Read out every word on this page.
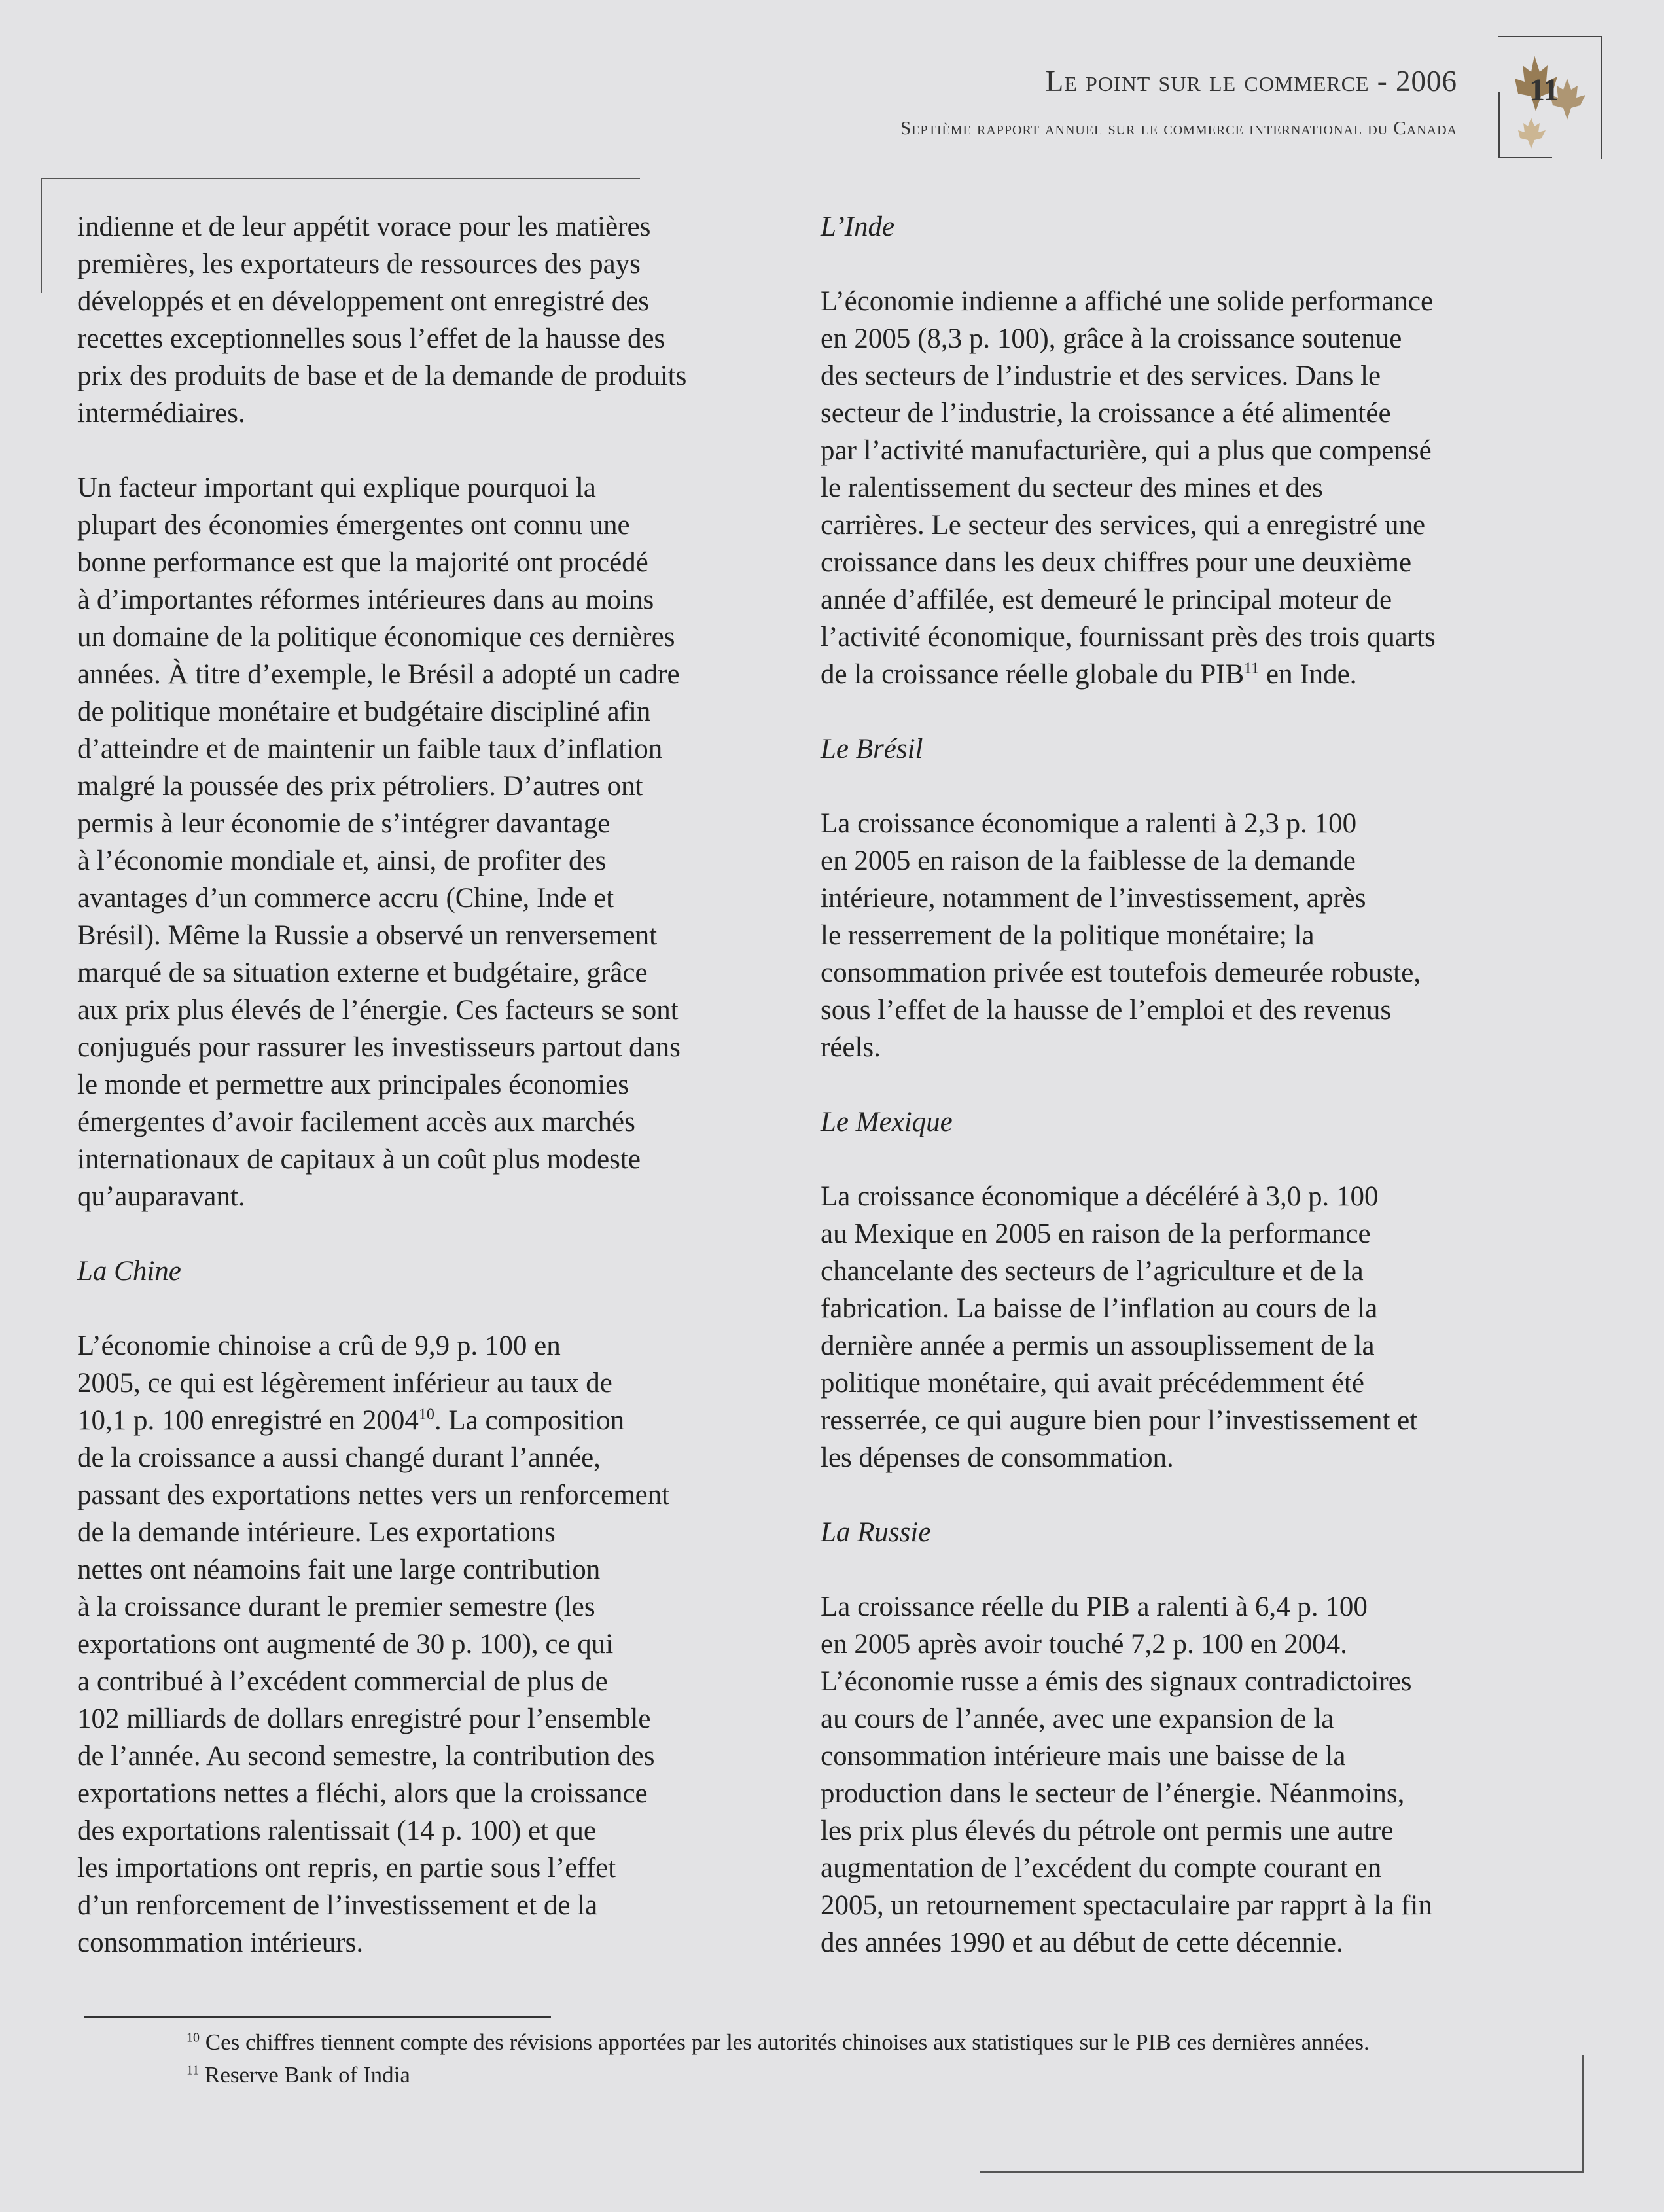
Le point sur le commerce - 2006
Septième rapport annuel sur le commerce international du Canada
11

indienne et de leur appétit vorace pour les matières
premières, les exportateurs de ressources des pays
développés et en développement ont enregistré des
recettes exceptionnelles sous l’effet de la hausse des
prix des produits de base et de la demande de produits
intermédiaires.

Un facteur important qui explique pourquoi la
plupart des économies émergentes ont connu une
bonne performance est que la majorité ont procédé
à d’importantes réformes intérieures dans au moins
un domaine de la politique économique ces dernières
années. À titre d’exemple, le Brésil a adopté un cadre
de politique monétaire et budgétaire discipliné afin
d’atteindre et de maintenir un faible taux d’inflation
malgré la poussée des prix pétroliers. D’autres ont
permis à leur économie de s’intégrer davantage
à l’économie mondiale et, ainsi, de profiter des
avantages d’un commerce accru (Chine, Inde et
Brésil). Même la Russie a observé un renversement
marqué de sa situation externe et budgétaire, grâce
aux prix plus élevés de l’énergie. Ces facteurs se sont
conjugués pour rassurer les investisseurs partout dans
le monde et permettre aux principales économies
émergentes d’avoir facilement accès aux marchés
internationaux de capitaux à un coût plus modeste
qu’auparavant.

La Chine

L’économie chinoise a crû de 9,9 p. 100 en
2005, ce qui est légèrement inférieur au taux de
10,1 p. 100 enregistré en 2004$^{10}$. La composition
de la croissance a aussi changé durant l’année,
passant des exportations nettes vers un renforcement
de la demande intérieure. Les exportations
nettes ont néamoins fait une large contribution
à la croissance durant le premier semestre (les
exportations ont augmenté de 30 p. 100), ce qui
a contribué à l’excédent commercial de plus de
102 milliards de dollars enregistré pour l’ensemble
de l’année. Au second semestre, la contribution des
exportations nettes a fléchi, alors que la croissance
des exportations ralentissait (14 p. 100) et que
les importations ont repris, en partie sous l’effet
d’un renforcement de l’investissement et de la
consommation intérieurs.

L’Inde

L’économie indienne a affiché une solide performance
en 2005 (8,3 p. 100), grâce à la croissance soutenue
des secteurs de l’industrie et des services. Dans le
secteur de l’industrie, la croissance a été alimentée
par l’activité manufacturière, qui a plus que compensé
le ralentissement du secteur des mines et des
carrières. Le secteur des services, qui a enregistré une
croissance dans les deux chiffres pour une deuxième
année d’affilée, est demeuré le principal moteur de
l’activité économique, fournissant près des trois quarts
de la croissance réelle globale du PIB$^{11}$ en Inde.

Le Brésil

La croissance économique a ralenti à 2,3 p. 100
en 2005 en raison de la faiblesse de la demande
intérieure, notamment de l’investissement, après
le resserrement de la politique monétaire; la
consommation privée est toutefois demeurée robuste,
sous l’effet de la hausse de l’emploi et des revenus
réels.

Le Mexique

La croissance économique a décéléré à 3,0 p. 100
au Mexique en 2005 en raison de la performance
chancelante des secteurs de l’agriculture et de la
fabrication. La baisse de l’inflation au cours de la
dernière année a permis un assouplissement de la
politique monétaire, qui avait précédemment été
resserrée, ce qui augure bien pour l’investissement et
les dépenses de consommation.

La Russie

La croissance réelle du PIB a ralenti à 6,4 p. 100
en 2005 après avoir touché 7,2 p. 100 en 2004.
L’économie russe a émis des signaux contradictoires
au cours de l’année, avec une expansion de la
consommation intérieure mais une baisse de la
production dans le secteur de l’énergie. Néanmoins,
les prix plus élevés du pétrole ont permis une autre
augmentation de l’excédent du compte courant en
2005, un retournement spectaculaire par rapprt à la fin
des années 1990 et au début de cette décennie.

$^{10}$ Ces chiffres tiennent compte des révisions apportées par les autorités chinoises aux statistiques sur le PIB ces dernières années.

$^{11}$ Reserve Bank of India
